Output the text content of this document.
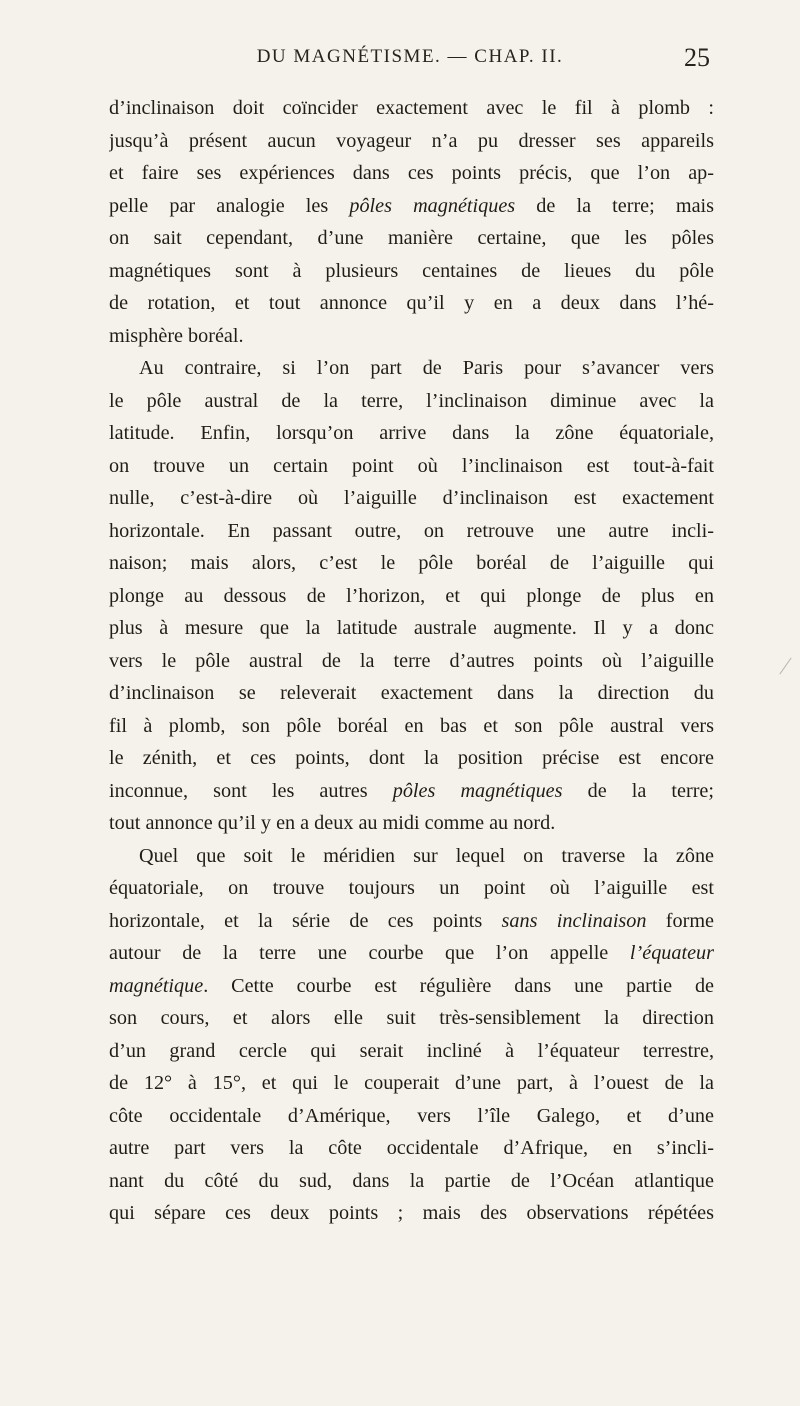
DU MAGNÉTISME. — CHAP. II.	25
d’inclinaison doit coïncider exactement avec le fil à plomb :
jusqu’à présent aucun voyageur n’a pu dresser ses appareils
et faire ses expériences dans ces points précis, que l’on ap-
pelle par analogie les pôles magnétiques de la terre; mais
on sait cependant, d’une manière certaine, que les pôles
magnétiques sont à plusieurs centaines de lieues du pôle
de rotation, et tout annonce qu’il y en a deux dans l’hé-
misphère boréal.
Au contraire, si l’on part de Paris pour s’avancer vers
le pôle austral de la terre, l’inclinaison diminue avec la
latitude. Enfin, lorsqu’on arrive dans la zône équatoriale,
on trouve un certain point où l’inclinaison est tout-à-fait
nulle, c’est-à-dire où l’aiguille d’inclinaison est exactement
horizontale. En passant outre, on retrouve une autre incli-
naison; mais alors, c’est le pôle boréal de l’aiguille qui
plonge au dessous de l’horizon, et qui plonge de plus en
plus à mesure que la latitude australe augmente. Il y a donc
vers le pôle austral de la terre d’autres points où l’aiguille
d’inclinaison se releverait exactement dans la direction du
fil à plomb, son pôle boréal en bas et son pôle austral vers
le zénith, et ces points, dont la position précise est encore
inconnue, sont les autres pôles magnétiques de la terre;
tout annonce qu’il y en a deux au midi comme au nord.
Quel que soit le méridien sur lequel on traverse la zône
équatoriale, on trouve toujours un point où l’aiguille est
horizontale, et la série de ces points sans inclinaison forme
autour de la terre une courbe que l’on appelle l’équateur
magnétique. Cette courbe est régulière dans une partie de
son cours, et alors elle suit très-sensiblement la direction
d’un grand cercle qui serait incliné à l’équateur terrestre,
de 12° à 15°, et qui le couperait d’une part, à l’ouest de la
côte occidentale d’Amérique, vers l’île Galego, et d’une
autre part vers la côte occidentale d’Afrique, en s’incli-
nant du côté du sud, dans la partie de l’Océan atlantique
qui sépare ces deux points ; mais des observations répétées
